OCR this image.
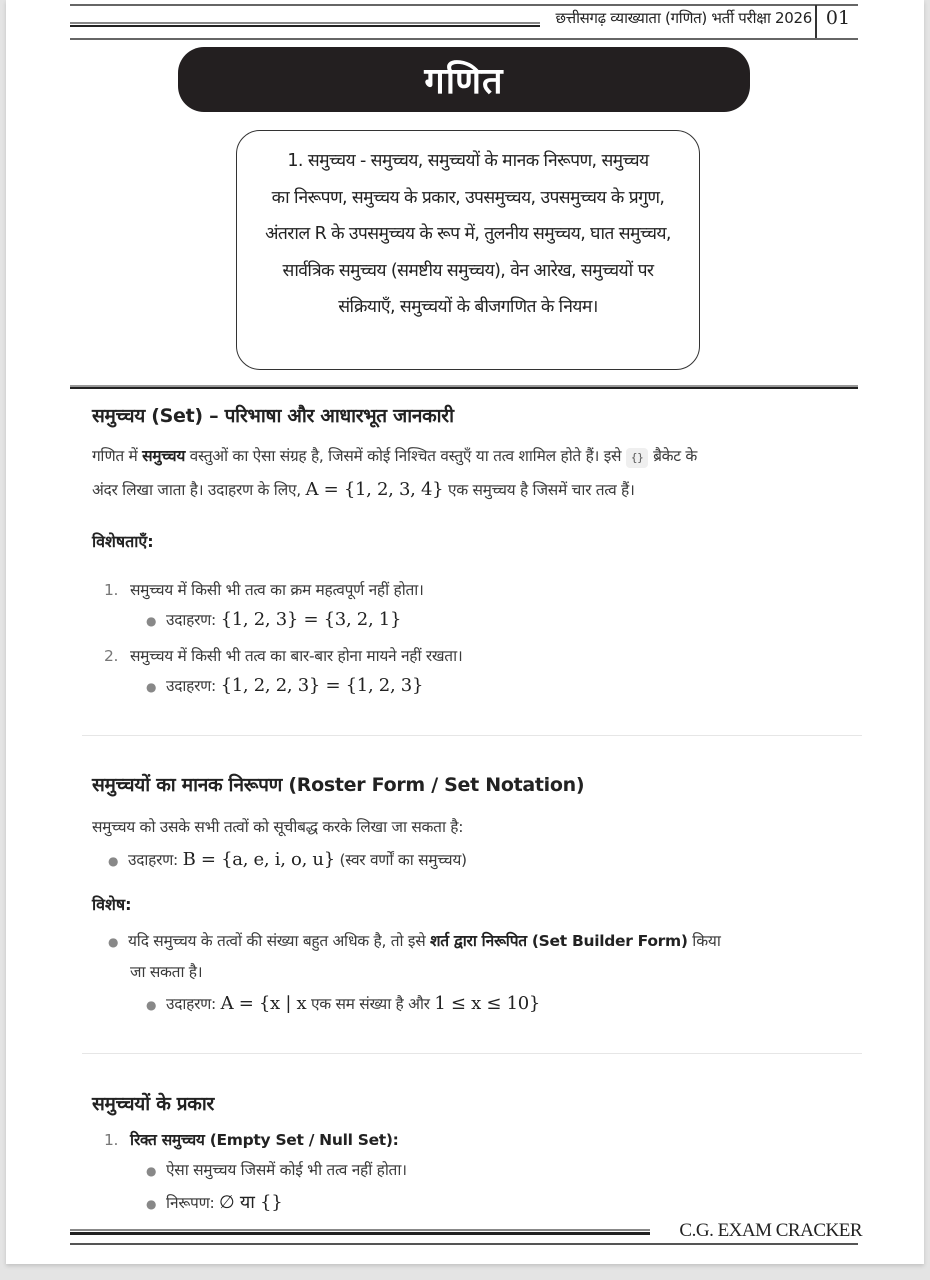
छत्तीसगढ़ व्याख्याता (गणित) भर्ती परीक्षा 2026 01
गणित
1. समुच्चय - समुच्चय, समुच्चयों के मानक निरूपण, समुच्चय
का निरूपण, समुच्चय के प्रकार, उपसमुच्चय, उपसमुच्चय के प्रगुण,
अंतराल R के उपसमुच्चय के रूप में, तुलनीय समुच्चय, घात समुच्चय,
सार्वत्रिक समुच्चय (समष्टीय समुच्चय), वेन आरेख, समुच्चयों पर
संक्रियाएँ, समुच्चयों के बीजगणित के नियम।
समुच्चय (Set) – परिभाषा और आधारभूत जानकारी
गणित में समुच्चय वस्तुओं का ऐसा संग्रह है, जिसमें कोई निश्चित वस्तुएँ या तत्व शामिल होते हैं। इसे {} ब्रैकेट के
अंदर लिखा जाता है। उदाहरण के लिए, A = {1, 2, 3, 4} एक समुच्चय है जिसमें चार तत्व हैं।
विशेषताएँ:
1. समुच्चय में किसी भी तत्व का क्रम महत्वपूर्ण नहीं होता।
● उदाहरण: {1, 2, 3} = {3, 2, 1}
2. समुच्चय में किसी भी तत्व का बार-बार होना मायने नहीं रखता।
● उदाहरण: {1, 2, 2, 3} = {1, 2, 3}
समुच्चयों का मानक निरूपण (Roster Form / Set Notation)
समुच्चय को उसके सभी तत्वों को सूचीबद्ध करके लिखा जा सकता है:
● उदाहरण: B = {a, e, i, o, u} (स्वर वर्णों का समुच्चय)
विशेष:
● यदि समुच्चय के तत्वों की संख्या बहुत अधिक है, तो इसे शर्त द्वारा निरूपित (Set Builder Form) किया
जा सकता है।
● उदाहरण: A = {x | x एक सम संख्या है और 1 ≤ x ≤ 10}
समुच्चयों के प्रकार
1. रिक्त समुच्चय (Empty Set / Null Set):
● ऐसा समुच्चय जिसमें कोई भी तत्व नहीं होता।
● निरूपण: ∅ या {}
C.G. EXAM CRACKER
